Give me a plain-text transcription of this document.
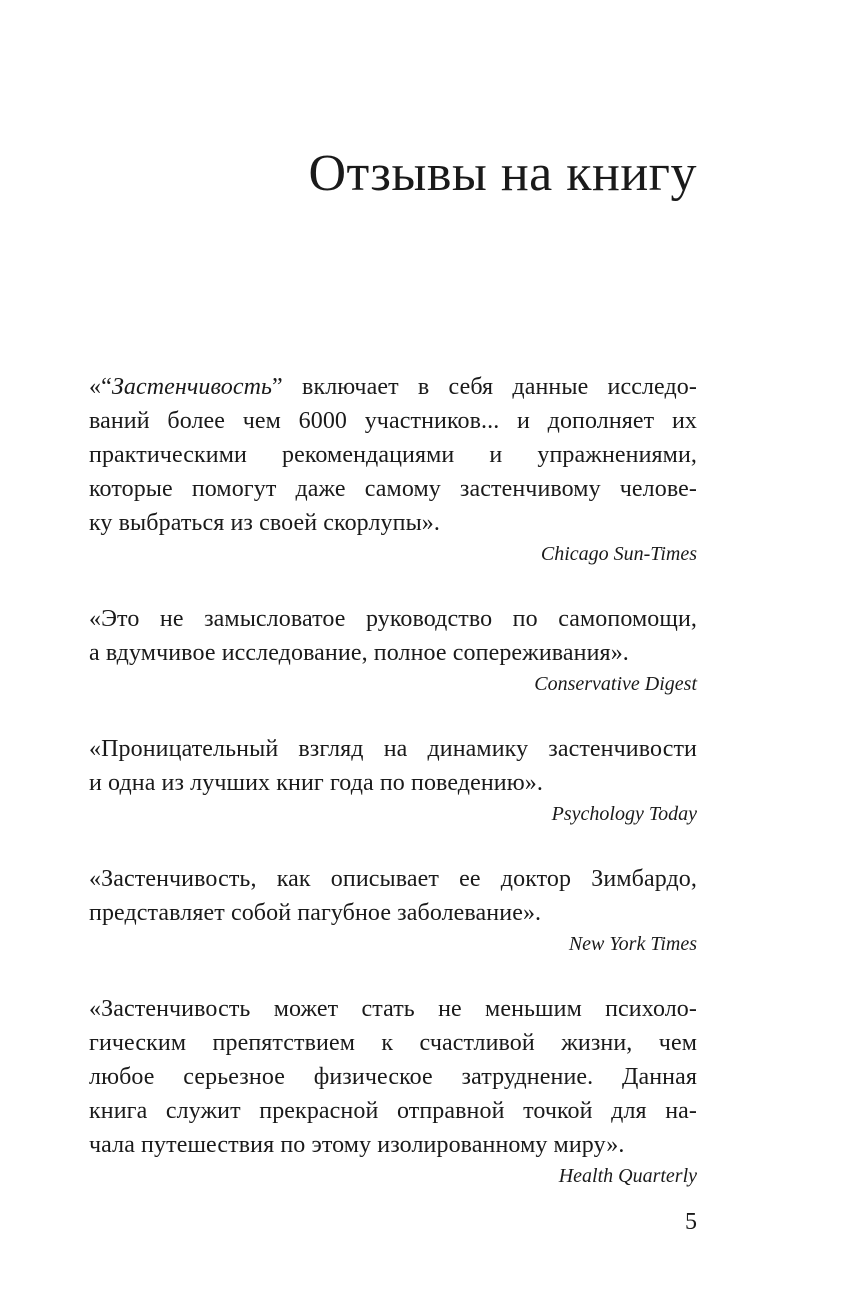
Отзывы на книгу
«“Застенчивость” включает в себя данные исследо-
ваний более чем 6000 участников... и дополняет их
практическими рекомендациями и упражнениями,
которые помогут даже самому застенчивому челове-
ку выбраться из своей скорлупы».
Chicago Sun-Times
«Это не замысловатое руководство по самопомощи,
а вдумчивое исследование, полное сопереживания».
Conservative Digest
«Проницательный взгляд на динамику застенчивости
и одна из лучших книг года по поведению».
Psychology Today
«Застенчивость, как описывает ее доктор Зимбардо,
представляет собой пагубное заболевание».
New York Times
«Застенчивость может стать не меньшим психоло-
гическим препятствием к счастливой жизни, чем
любое серьезное физическое затруднение. Данная
книга служит прекрасной отправной точкой для на-
чала путешествия по этому изолированному миру».
Health Quarterly
5
